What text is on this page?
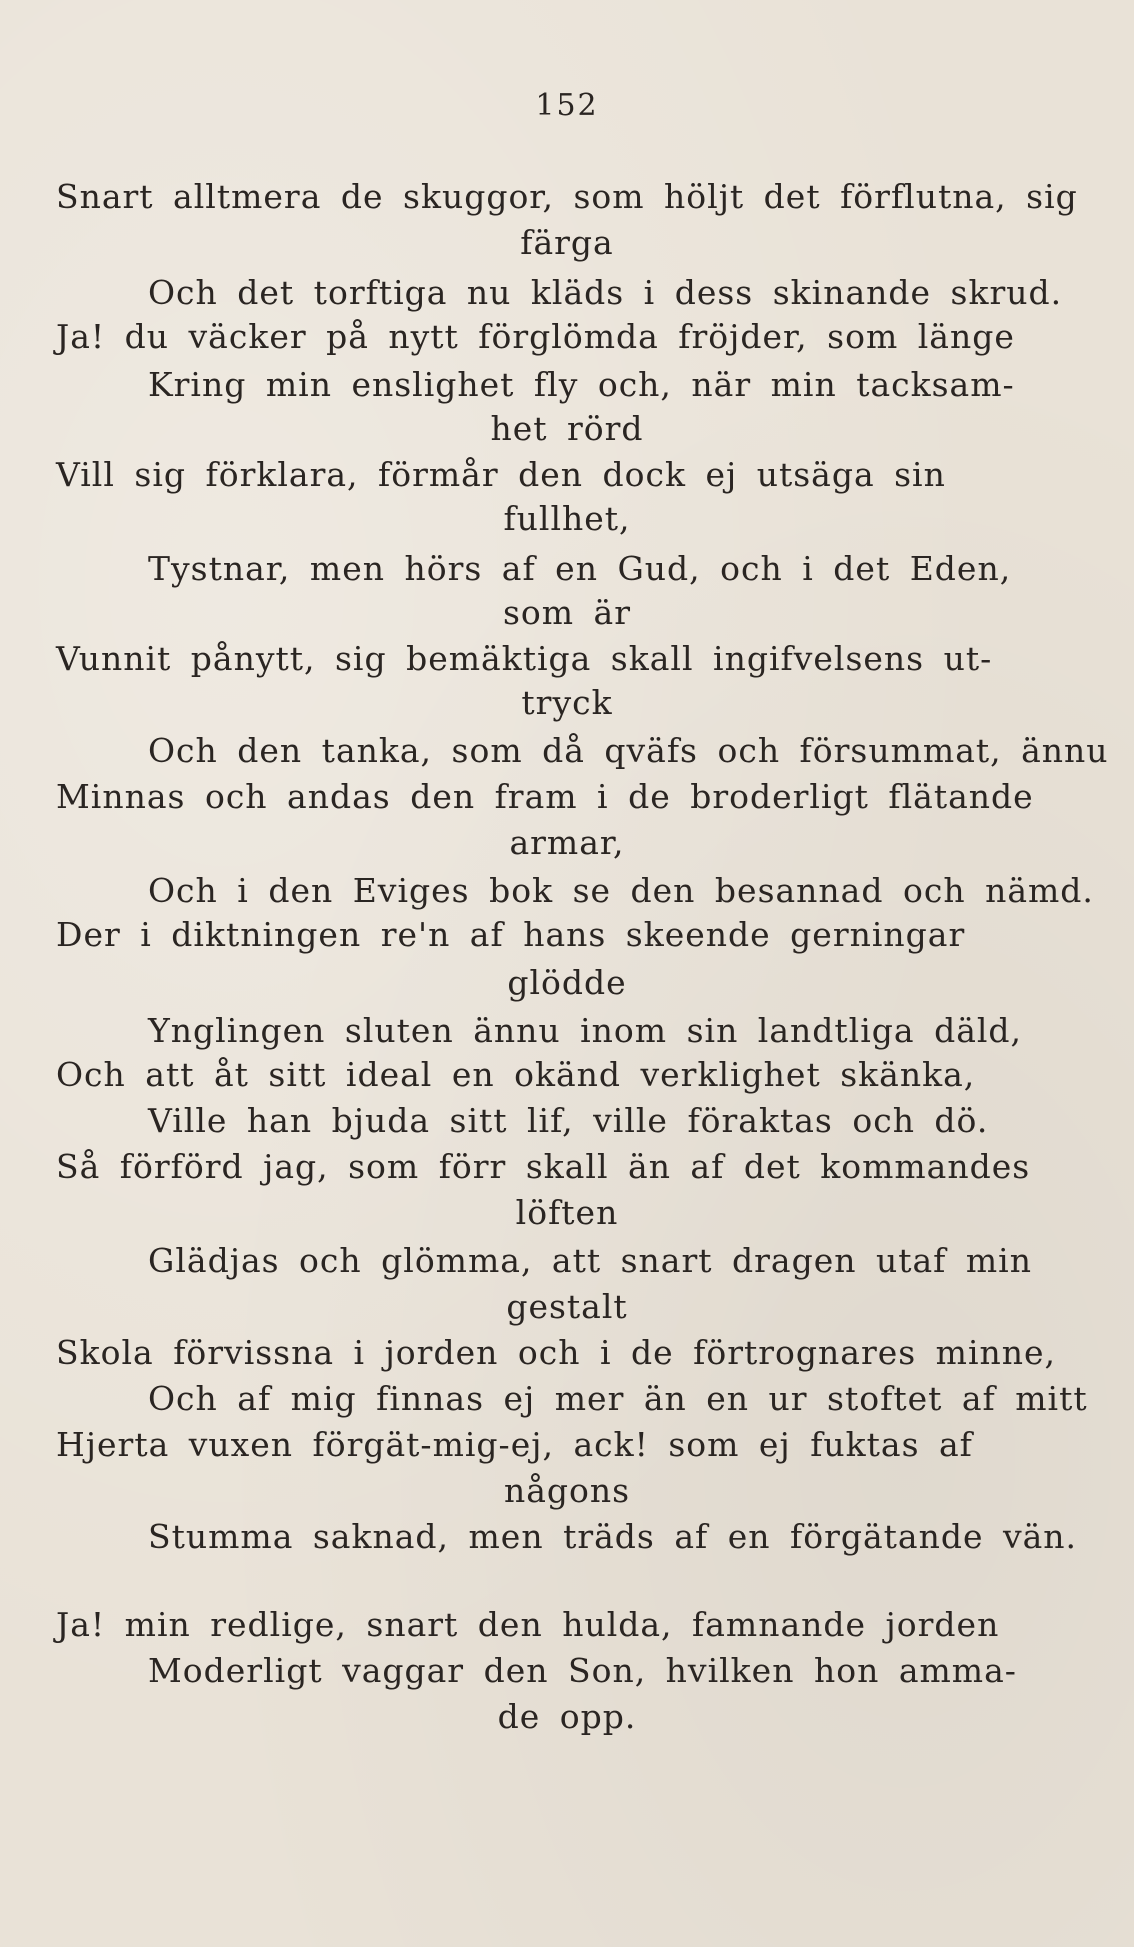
152
Snart alltmera de skuggor, som höljt det förflutna, sig
färga
Och det torftiga nu kläds i dess skinande skrud.
Ja! du väcker på nytt förglömda fröjder, som länge
Kring min enslighet fly och, när min tacksam-
het rörd
Vill sig förklara, förmår den dock ej utsäga sin
fullhet,
Tystnar, men hörs af en Gud, och i det Eden,
som är
Vunnit pånytt, sig bemäktiga skall ingifvelsens ut-
tryck
Och den tanka, som då qväfs och försummat, ännu
Minnas och andas den fram i de broderligt flätande
armar,
Och i den Eviges bok se den besannad och nämd.
Der i diktningen re'n af hans skeende gerningar
glödde
Ynglingen sluten ännu inom sin landtliga däld,
Och att åt sitt ideal en okänd verklighet skänka,
Ville han bjuda sitt lif, ville föraktas och dö.
Så förförd jag, som förr skall än af det kommandes
löften
Glädjas och glömma, att snart dragen utaf min
gestalt
Skola förvissna i jorden och i de förtrognares minne,
Och af mig finnas ej mer än en ur stoftet af mitt
Hjerta vuxen förgät-mig-ej, ack! som ej fuktas af
någons
Stumma saknad, men träds af en förgätande vän.
Ja! min redlige, snart den hulda, famnande jorden
Moderligt vaggar den Son, hvilken hon amma-
de opp.
